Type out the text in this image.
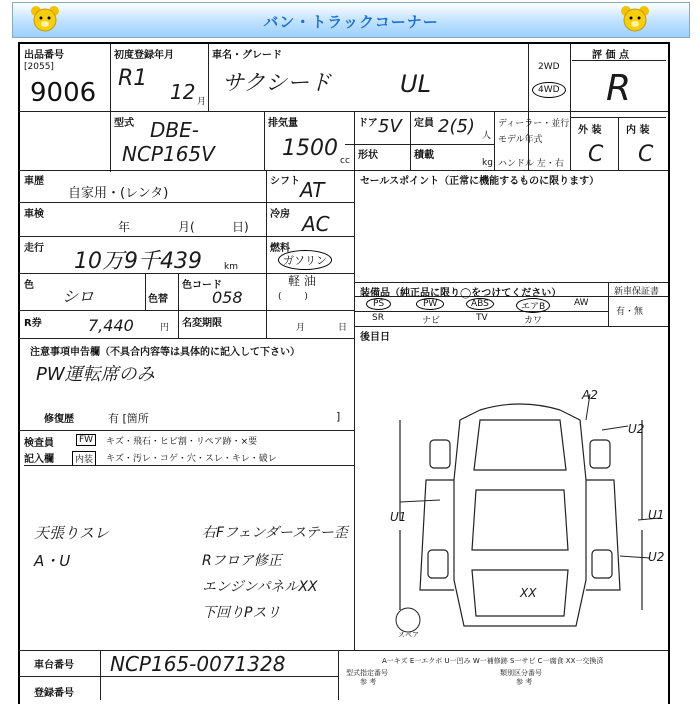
バン・トラックコーナー
出品番号
[2055]
9006
初度登録年月
R1
12 月
車名・グレード
サクシード	UL
2WD
4WD
評 価 点
R
外 装 内 装
C C
型式 DBE-
NCP165V
排気量
1500 cc
ドア 5V 定員 2(5) 人
形状	積載
kg
ディーラー・並行
モデル年式
ハンドル 左・右
車歴
自家用・(レンタ)
車検
年	月(	日)
走行
10万9千439 km
シフト AT
冷房 AC
燃料
ガソリン
軽 油
(        )
色
シロ	色替
色コード
058
R券	7,440	円 名変期限	月	日
注意事項申告欄（不具合内容等は具体的に記入して下さい）
PW運転席のみ
修復歴	有 [箇所	]
検査員
記入欄
FW	キズ・飛石・ヒビ割・リペア跡・×要
内装	キズ・汚レ・コゲ・穴・スレ・キレ・破レ
天張りスレ
A・U
右Fフェンダーステー歪
Rフロア修正
エンジンパネルXX
下回りPスリ
セールスポイント（正常に機能するものに限ります）
装備品（純正品に限り◯をつけてください）	新車保証書
有・無
PS	PW	ABS	エアB	AW
SR	ナビ	TV	カワ
後目日
A2
U2
U1	U1
U2
XX
スペア
車台番号 NCP165-0071328
登録番号
A一キズ E一エクボ U一凹み W一補修跡 S一サビ C一腐食 XX一交換済
型式指定番号
参 考
類別区分番号
参 考
